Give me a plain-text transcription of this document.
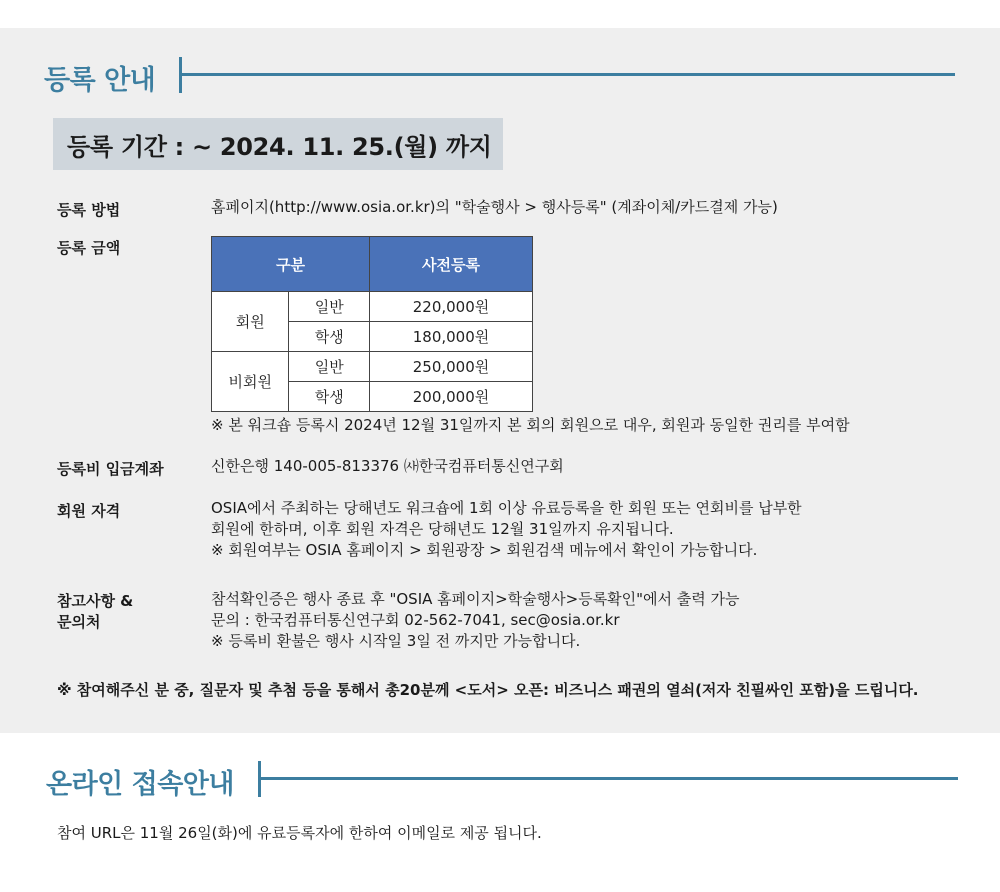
등록 안내
등록 기간 : ~ 2024. 11. 25.(월) 까지
등록 방법	홈페이지(http://www.osia.or.kr)의 "학술행사 > 행사등록" (계좌이체/카드결제 가능)
등록 금액
구분		사전등록
회원	일반	220,000원
	학생	180,000원
비회원	일반	250,000원
	학생	200,000원
※ 본 워크숍 등록시 2024년 12월 31일까지 본 회의 회원으로 대우, 회원과 동일한 권리를 부여함
등록비 입금계좌	신한은행 140-005-813376 ㈔한국컴퓨터통신연구회
회원 자격	OSIA에서 주최하는 당해년도 워크숍에 1회 이상 유료등록을 한 회원 또는 연회비를 납부한
회원에 한하며, 이후 회원 자격은 당해년도 12월 31일까지 유지됩니다.
※ 회원여부는 OSIA 홈페이지 > 회원광장 > 회원검색 메뉴에서 확인이 가능합니다.
참고사항 &
문의처
참석확인증은 행사 종료 후 "OSIA 홈페이지>학술행사>등록확인"에서 출력 가능
문의 : 한국컴퓨터통신연구회 02-562-7041, sec@osia.or.kr
※ 등록비 환불은 행사 시작일 3일 전 까지만 가능합니다.
※ 참여해주신 분 중, 질문자 및 추첨 등을 통해서 총20분께 <도서> 오픈: 비즈니스 패권의 열쇠(저자 친필싸인 포함)을 드립니다.
온라인 접속안내
참여 URL은 11월 26일(화)에 유료등록자에 한하여 이메일로 제공 됩니다.
